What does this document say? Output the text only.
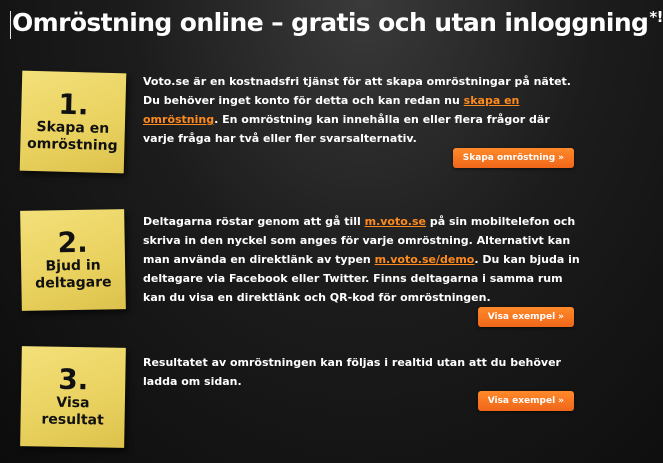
Omröstning online – gratis och utan inloggning*!
1.
Skapa en omröstning

Voto.se är en kostnadsfri tjänst för att skapa omröstningar på nätet. Du behöver inget konto för detta och kan redan nu skapa en omröstning. En omröstning kan innehålla en eller flera frågor där varje fråga har två eller fler svarsalternativ.

Skapa omröstning »
2.
Bjud in deltagare

Deltagarna röstar genom att gå till m.voto.se på sin mobiltelefon och skriva in den nyckel som anges för varje omröstning. Alternativt kan man använda en direktlänk av typen m.voto.se/demo. Du kan bjuda in deltagare via Facebook eller Twitter. Finns deltagarna i samma rum kan du visa en direktlänk och QR-kod för omröstningen.

Visa exempel »
3.
Visa resultat

Resultatet av omröstningen kan följas i realtid utan att du behöver ladda om sidan.

Visa exempel »
